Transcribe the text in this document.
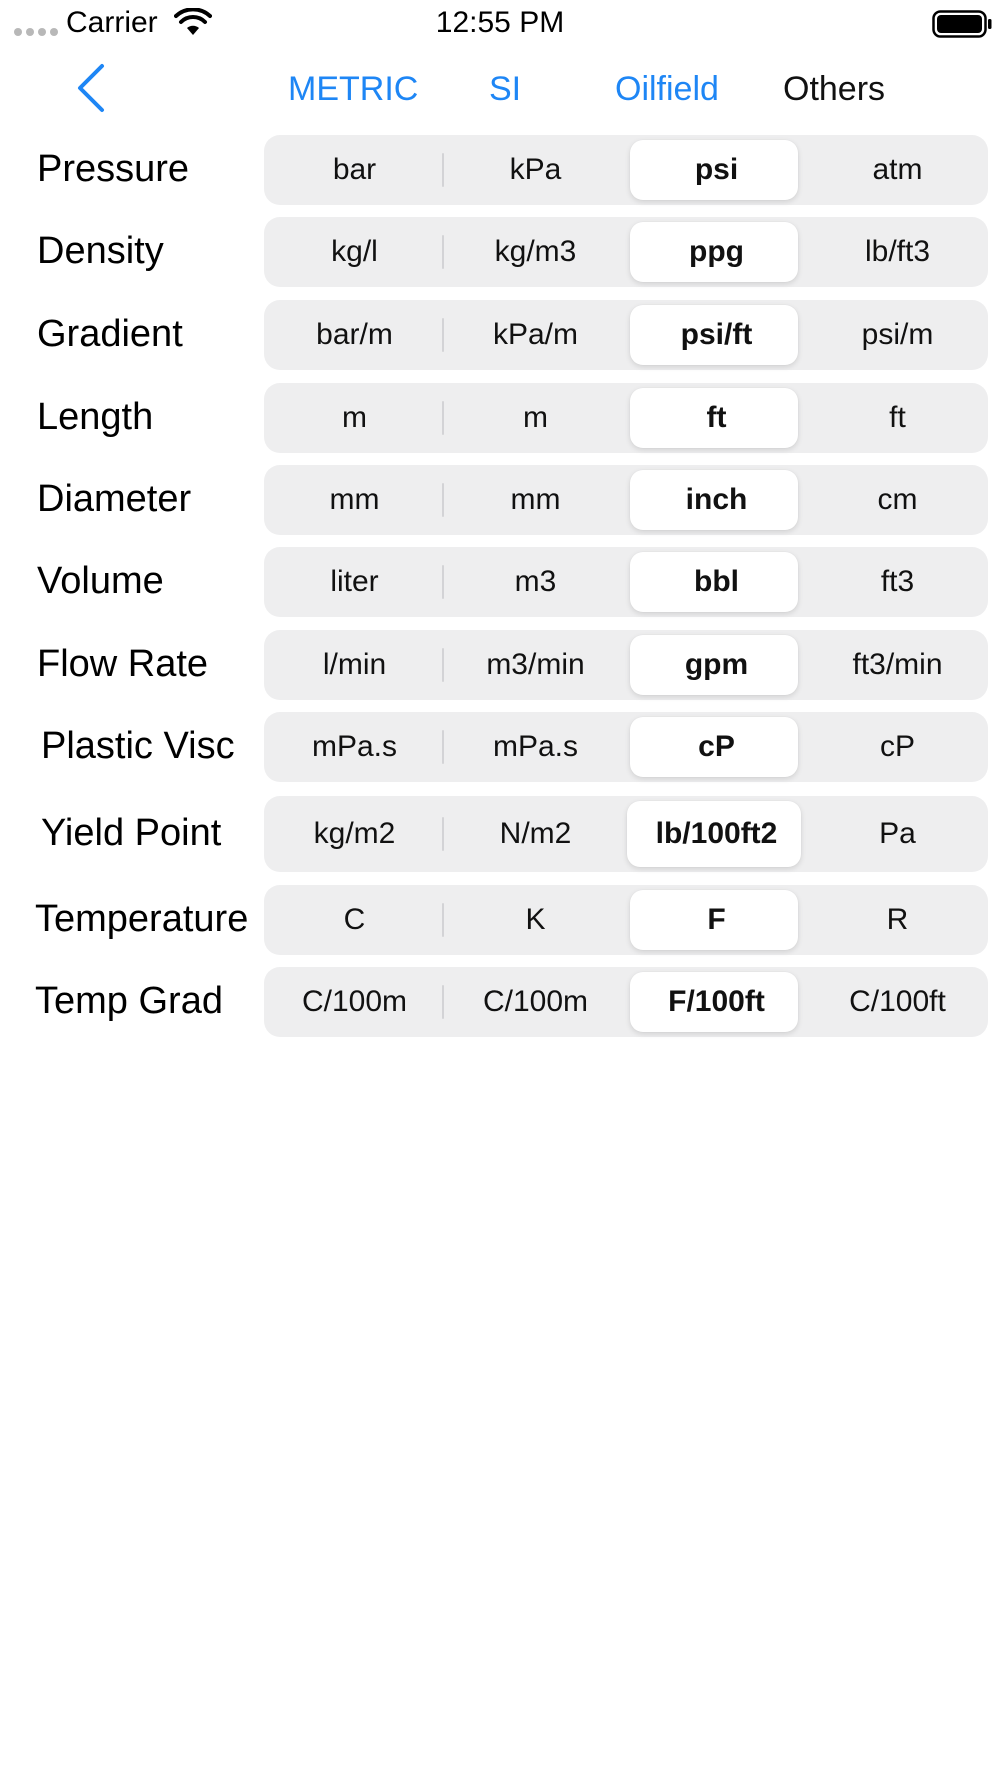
Carrier	12:55 PM
METRIC SI	Oilfield Others
Pressure	bar	kPa	psi	atm
Density	kg/l	kg/m3	ppg	lb/ft3
Gradient	bar/m	kPa/m	psi/ft	psi/m
Length	m	m	ft	ft
Diameter	mm	mm	inch	cm
Volume	liter	m3	bbl	ft3
Flow Rate	l/min	m3/min	gpm	ft3/min
Plastic Visc	mPa.s	mPa.s	cP	cP
Yield Point	kg/m2	N/m2	lb/100ft2	Pa
Temperature	C	K	F	R
Temp Grad	C/100m	C/100m	F/100ft	C/100ft
